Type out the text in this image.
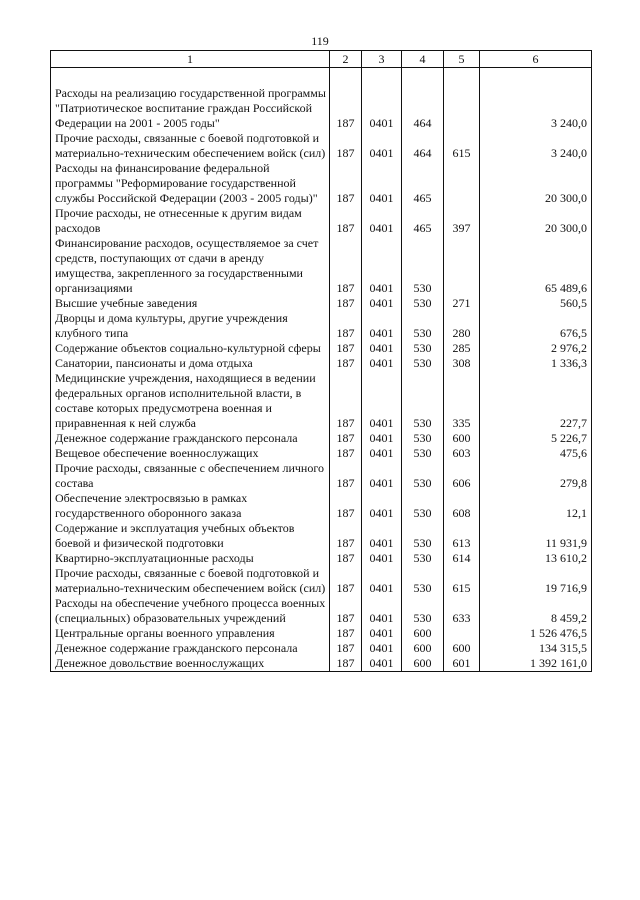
119
1	2	3	4	5	6

Расходы на реализацию государственной программы "Патриотическое воспитание граждан Российской Федерации на 2001 - 2005 годы"	187	0401	464		3 240,0
Прочие расходы, связанные с боевой подготовкой и материально-техническим обеспечением войск (сил)	187	0401	464	615	3 240,0
Расходы на финансирование федеральной программы "Реформирование государственной службы Российской Федерации (2003 - 2005 годы)"	187	0401	465		20 300,0
Прочие расходы, не отнесенные к другим видам расходов	187	0401	465	397	20 300,0
Финансирование расходов, осуществляемое за счет средств, поступающих от сдачи в аренду имущества, закрепленного за государственными организациями	187	0401	530		65 489,6
Высшие учебные заведения	187	0401	530	271	560,5
Дворцы и дома культуры, другие учреждения клубного типа	187	0401	530	280	676,5
Содержание объектов социально-культурной сферы	187	0401	530	285	2 976,2
Санатории, пансионаты и дома отдыха	187	0401	530	308	1 336,3
Медицинские учреждения, находящиеся в ведении федеральных органов исполнительной власти, в составе которых предусмотрена военная и приравненная к ней служба	187	0401	530	335	227,7
Денежное содержание гражданского персонала	187	0401	530	600	5 226,7
Вещевое обеспечение военнослужащих	187	0401	530	603	475,6
Прочие расходы, связанные с обеспечением личного состава	187	0401	530	606	279,8
Обеспечение электросвязью в рамках государственного оборонного заказа	187	0401	530	608	12,1
Содержание и эксплуатация учебных объектов боевой и физической подготовки	187	0401	530	613	11 931,9
Квартирно-эксплуатационные расходы	187	0401	530	614	13 610,2
Прочие расходы, связанные с боевой подготовкой и материально-техническим обеспечением войск (сил)	187	0401	530	615	19 716,9
Расходы на обеспечение учебного процесса военных (специальных) образовательных учреждений	187	0401	530	633	8 459,2
Центральные органы военного управления	187	0401	600		1 526 476,5
Денежное содержание гражданского персонала	187	0401	600	600	134 315,5
Денежное довольствие военнослужащих	187	0401	600	601	1 392 161,0
